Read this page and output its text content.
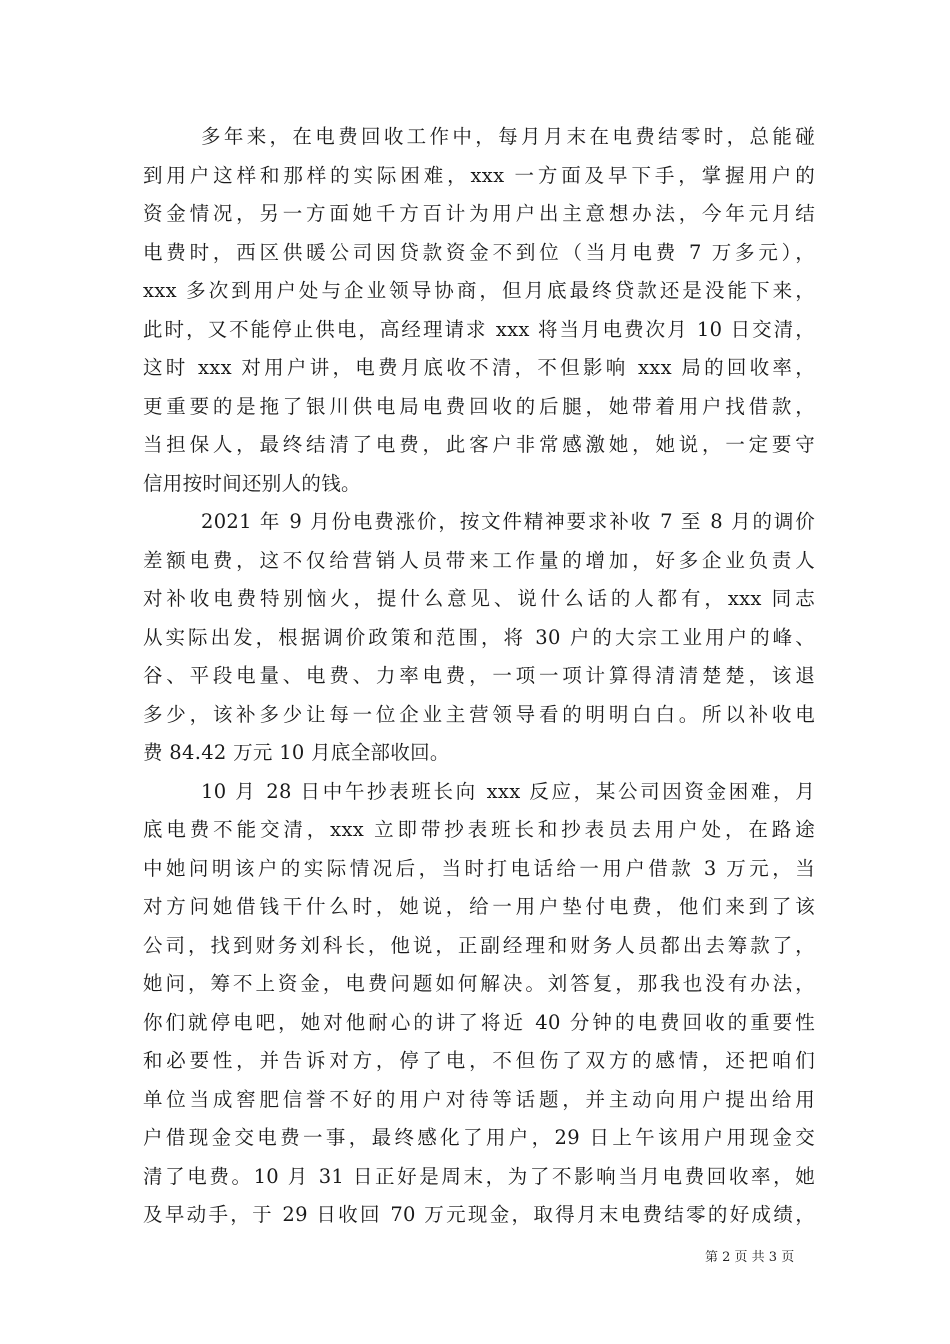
多年来，在电费回收工作中，每月月末在电费结零时，总能碰
到用户这样和那样的实际困难，xxx 一方面及早下手，掌握用户的
资金情况，另一方面她千方百计为用户出主意想办法，今年元月结
电费时，西区供暖公司因贷款资金不到位（当月电费 7 万多元），
xxx 多次到用户处与企业领导协商，但月底最终贷款还是没能下来，
此时，又不能停止供电，高经理请求 xxx 将当月电费次月 10 日交清，
这时 xxx 对用户讲，电费月底收不清，不但影响 xxx 局的回收率，
更重要的是拖了银川供电局电费回收的后腿，她带着用户找借款，
当担保人，最终结清了电费，此客户非常感激她，她说，一定要守
信用按时间还别人的钱。
2021 年 9 月份电费涨价，按文件精神要求补收 7 至 8 月的调价
差额电费，这不仅给营销人员带来工作量的增加，好多企业负责人
对补收电费特别恼火，提什么意见、说什么话的人都有，xxx 同志
从实际出发，根据调价政策和范围，将 30 户的大宗工业用户的峰、
谷、平段电量、电费、力率电费，一项一项计算得清清楚楚，该退
多少，该补多少让每一位企业主营领导看的明明白白。所以补收电
费 84.42 万元 10 月底全部收回。
10 月 28 日中午抄表班长向 xxx 反应，某公司因资金困难，月
底电费不能交清，xxx 立即带抄表班长和抄表员去用户处，在路途
中她问明该户的实际情况后，当时打电话给一用户借款 3 万元，当
对方问她借钱干什么时，她说，给一用户垫付电费，他们来到了该
公司，找到财务刘科长，他说，正副经理和财务人员都出去筹款了，
她问，筹不上资金，电费问题如何解决。刘答复，那我也没有办法，
你们就停电吧，她对他耐心的讲了将近 40 分钟的电费回收的重要性
和必要性，并告诉对方，停了电，不但伤了双方的感情，还把咱们
单位当成窖肥信誉不好的用户对待等话题，并主动向用户提出给用
户借现金交电费一事，最终感化了用户，29 日上午该用户用现金交
清了电费。10 月 31 日正好是周末，为了不影响当月电费回收率，她
及早动手，于 29 日收回 70 万元现金，取得月末电费结零的好成绩，
第 2 页 共 3 页
